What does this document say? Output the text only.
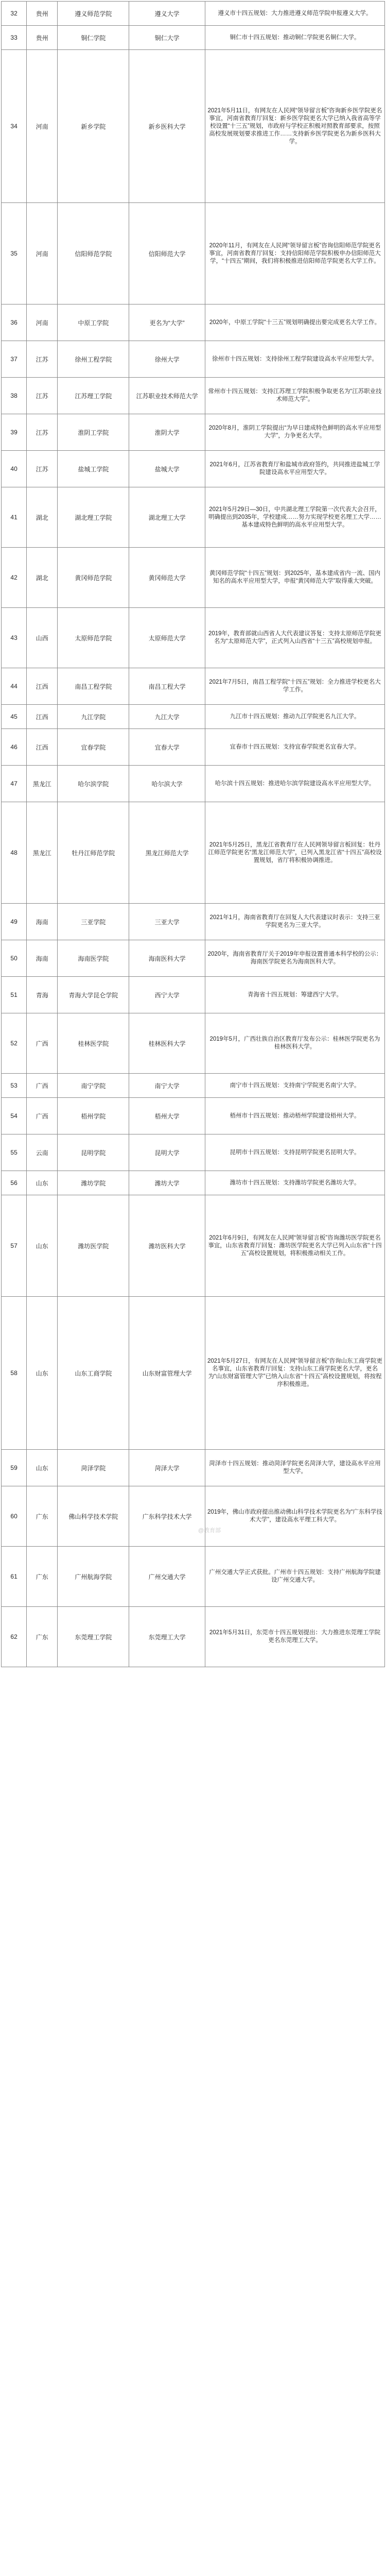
32	贵州	遵义师范学院	遵义大学	遵义市十四五规划：大力推进遵义师范学院申报遵义大学。
33	贵州	铜仁学院	铜仁大学	铜仁市十四五规划：推动铜仁学院更名铜仁大学。
34	河南	新乡学院	新乡医科大学	2021年5月11日，有网友在人民网“领导留言板”咨询新乡医学院更名事宜，河南省教育厅回复：新乡医学院更名大学已纳入我省高等学校设置“十三五”规划，市政府与学校正积极对照教育部要求，按照高校发展规划要求推进工作……支持新乡医学院更名为新乡医科大学。
35	河南	信阳师范学院	信阳师范大学	2020年11月，有网友在人民网“领导留言板”咨询信阳师范学院更名事宜，河南省教育厅回复：支持信阳师范学院积极申办信阳师范大学，“十四五”期间，我们将积极推进信阳师范学院更名大学工作。
36	河南	中原工学院	更名为“大学”	2020年，中原工学院“十三五”规划明确提出要完成更名大学工作。
37	江苏	徐州工程学院	徐州大学	徐州市十四五规划：支持徐州工程学院建设高水平应用型大学。
38	江苏	江苏理工学院	江苏职业技术师范大学	常州市十四五规划：支持江苏理工学院积极争取更名为“江苏职业技术师范大学”。
39	江苏	淮阴工学院	淮阴大学	2020年8月，淮阴工学院提出“为早日建成特色鲜明的高水平应用型大学”，力争更名大学。
40	江苏	盐城工学院	盐城大学	2021年6月，江苏省教育厅和盐城市政府签约，共同推进盐城工学院建设高水平应用型大学。
41	湖北	湖北理工学院	湖北理工大学	2021年5月29日—30日，中共湖北理工学院第一次代表大会召开，明确提出到2035年，学校建成……努力实现学校更名理工大学……基本建成特色鲜明的高水平应用型大学。
42	湖北	黄冈师范学院	黄冈师范大学	黄冈师范学院“十四五”规划：到2025年，基本建成省内一流、国内知名的高水平应用型大学，申报“黄冈师范大学”取得重大突破。
43	山西	太原师范学院	太原师范大学	2019年，教育部就山西省人大代表建议答复：支持太原师范学院更名为“太原师范大学”，正式列入山西省“十三五”高校规划申报。
44	江西	南昌工程学院	南昌工程大学	2021年7月5日，南昌工程学院“十四五”规划：全力推进学校更名大学工作。
45	江西	九江学院	九江大学	九江市十四五规划：推动九江学院更名九江大学。
46	江西	宜春学院	宜春大学	宜春市十四五规划：支持宜春学院更名宜春大学。
47	黑龙江	哈尔滨学院	哈尔滨大学	哈尔滨十四五规划：推进哈尔滨学院建设高水平应用型大学。
48	黑龙江	牡丹江师范学院	黑龙江师范大学	2021年5月25日，黑龙江省教育厅在人民网领导留言板回复：牡丹江师范学院更名“黑龙江师范大学”，已列入黑龙江省“十四五”高校设置规划，省厅将积极协调推进。
49	海南	三亚学院	三亚大学	2021年1月，海南省教育厅在回复人大代表建议时表示：支持三亚学院更名为三亚大学。
50	海南	海南医学院	海南医科大学	2020年，海南省教育厅关于2019年申报设置普通本科学校的公示：海南医学院更名为海南医科大学。
51	青海	青海大学昆仑学院	西宁大学	青海省十四五规划：筹建西宁大学。
52	广西	桂林医学院	桂林医科大学	2019年5月，广西壮族自治区教育厅发布公示：桂林医学院更名为桂林医科大学。
53	广西	南宁学院	南宁大学	南宁市十四五规划：支持南宁学院更名南宁大学。
54	广西	梧州学院	梧州大学	梧州市十四五规划：推动梧州学院建设梧州大学。
55	云南	昆明学院	昆明大学	昆明市十四五规划：支持昆明学院更名昆明大学。
56	山东	潍坊学院	潍坊大学	潍坊市十四五规划：支持潍坊学院更名潍坊大学。
57	山东	潍坊医学院	潍坊医科大学	2021年6月9日，有网友在人民网“领导留言板”咨询潍坊医学院更名事宜，山东省教育厅回复：潍坊医学院更名大学已列入山东省“十四五”高校设置规划，将积极推动相关工作。
58	山东	山东工商学院	山东财富管理大学	2021年5月27日，有网友在人民网“领导留言板”咨询山东工商学院更名事宜，山东省教育厅回复：支持山东工商学院更名大学，更名为“山东财富管理大学”已纳入山东省“十四五”高校设置规划，将按程序积极推进。
59	山东	菏泽学院	菏泽大学	菏泽市十四五规划：推动菏泽学院更名菏泽大学，建设高水平应用型大学。
60	广东	佛山科学技术学院	广东科学技术大学	2019年，佛山市政府提出推动佛山科学技术学院更名为“广东科学技术大学”，建设高水平理工科大学。
61	广东	广州航海学院	广州交通大学	广州交通大学正式获批。广州市十四五规划：支持广州航海学院建设广州交通大学。
62	广东	东莞理工学院	东莞理工大学	2021年5月31日，东莞市十四五规划提出：大力推进东莞理工学院更名东莞理工大学。
@教育部
